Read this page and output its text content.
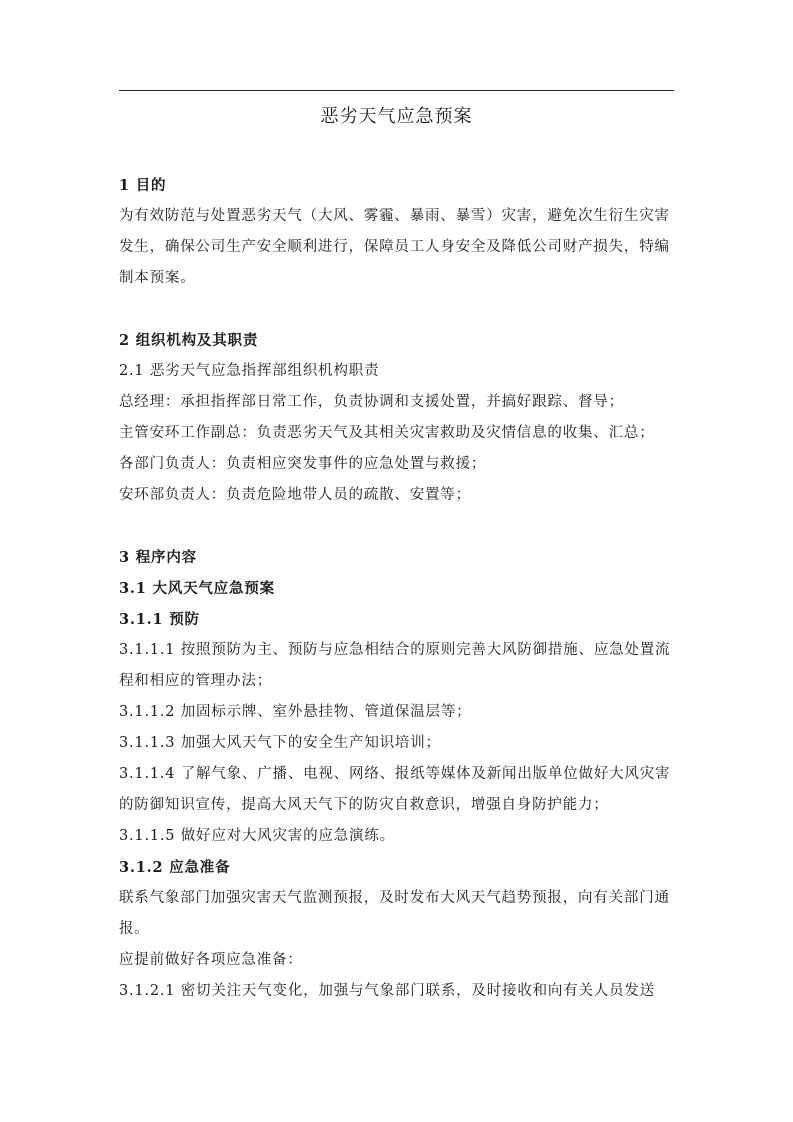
恶劣天气应急预案

1 目的

为有效防范与处置恶劣天气（大风、雾霾、暴雨、暴雪）灾害，避免次生衍生灾害发生，确保公司生产安全顺利进行，保障员工人身安全及降低公司财产损失，特编制本预案。

2 组织机构及其职责

2.1 恶劣天气应急指挥部组织机构职责

总经理：承担指挥部日常工作，负责协调和支援处置，并搞好跟踪、督导；

主管安环工作副总：负责恶劣天气及其相关灾害救助及灾情信息的收集、汇总；

各部门负责人：负责相应突发事件的应急处置与救援；

安环部负责人：负责危险地带人员的疏散、安置等；

3 程序内容

3.1 大风天气应急预案

3.1.1 预防

3.1.1.1 按照预防为主、预防与应急相结合的原则完善大风防御措施、应急处置流程和相应的管理办法；

3.1.1.2 加固标示牌、室外悬挂物、管道保温层等；

3.1.1.3 加强大风天气下的安全生产知识培训；

3.1.1.4 了解气象、广播、电视、网络、报纸等媒体及新闻出版单位做好大风灾害的防御知识宣传，提高大风天气下的防灾自救意识，增强自身防护能力；

3.1.1.5 做好应对大风灾害的应急演练。

3.1.2 应急准备

联系气象部门加强灾害天气监测预报，及时发布大风天气趋势预报，向有关部门通报。

应提前做好各项应急准备：

3.1.2.1 密切关注天气变化，加强与气象部门联系，及时接收和向有关人员发送
